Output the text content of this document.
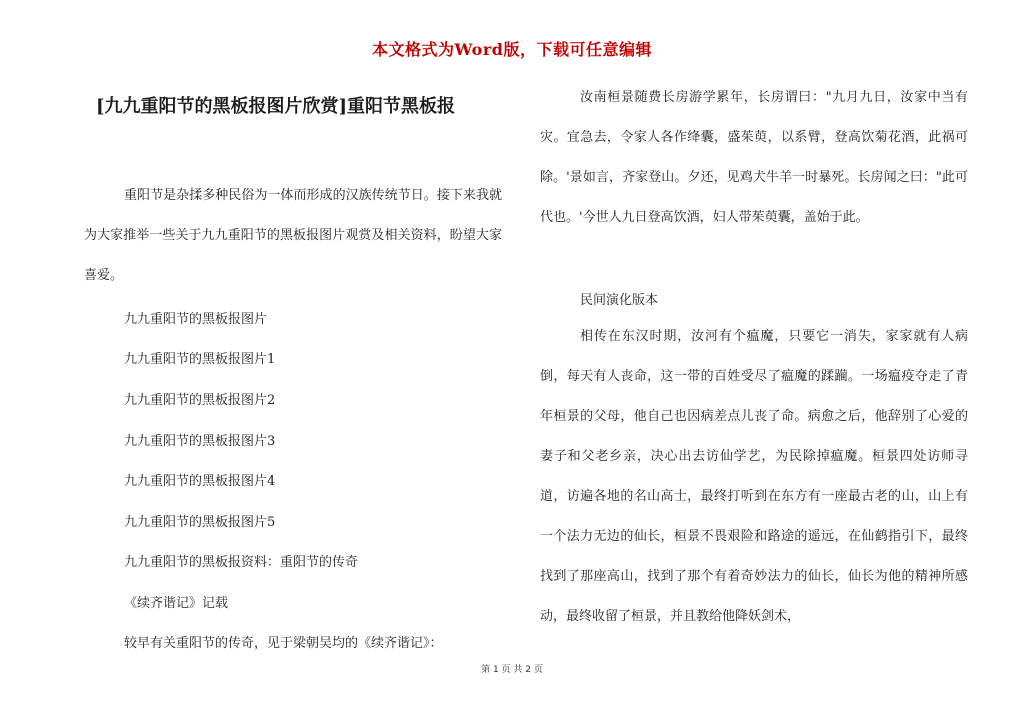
本文格式为Word版，下载可任意编辑
[九九重阳节的黑板报图片欣赏]重阳节黑板报

重阳节是杂揉多种民俗为一体而形成的汉族传统节日。接下来我就为大家推举一些关于九九重阳节的黑板报图片观赏及相关资料，盼望大家喜爱。

九九重阳节的黑板报图片

九九重阳节的黑板报图片1

九九重阳节的黑板报图片2

九九重阳节的黑板报图片3

九九重阳节的黑板报图片4

九九重阳节的黑板报图片5

九九重阳节的黑板报资料：重阳节的传奇

《续齐谐记》记载

较早有关重阳节的传奇，见于梁朝吴均的《续齐谐记》：

汝南桓景随费长房游学累年，长房谓曰："九月九日，汝家中当有灾。宜急去，令家人各作绛囊，盛茱萸，以系臂，登高饮菊花酒，此祸可除。'景如言，齐家登山。夕还，见鸡犬牛羊一时暴死。长房闻之曰："此可代也。'今世人九日登高饮酒，妇人带茱萸囊，盖始于此。

民间演化版本

相传在东汉时期，汝河有个瘟魔，只要它一消失，家家就有人病倒，每天有人丧命，这一带的百姓受尽了瘟魔的蹂躏。一场瘟疫夺走了青年桓景的父母，他自己也因病差点儿丧了命。病愈之后，他辞别了心爱的妻子和父老乡亲，决心出去访仙学艺，为民除掉瘟魔。桓景四处访师寻道，访遍各地的名山高士，最终打听到在东方有一座最古老的山，山上有一个法力无边的仙长，桓景不畏艰险和路途的遥远，在仙鹤指引下，最终找到了那座高山，找到了那个有着奇妙法力的仙长，仙长为他的精神所感动，最终收留了桓景，并且教给他降妖剑术，

第 1 页 共 2 页
